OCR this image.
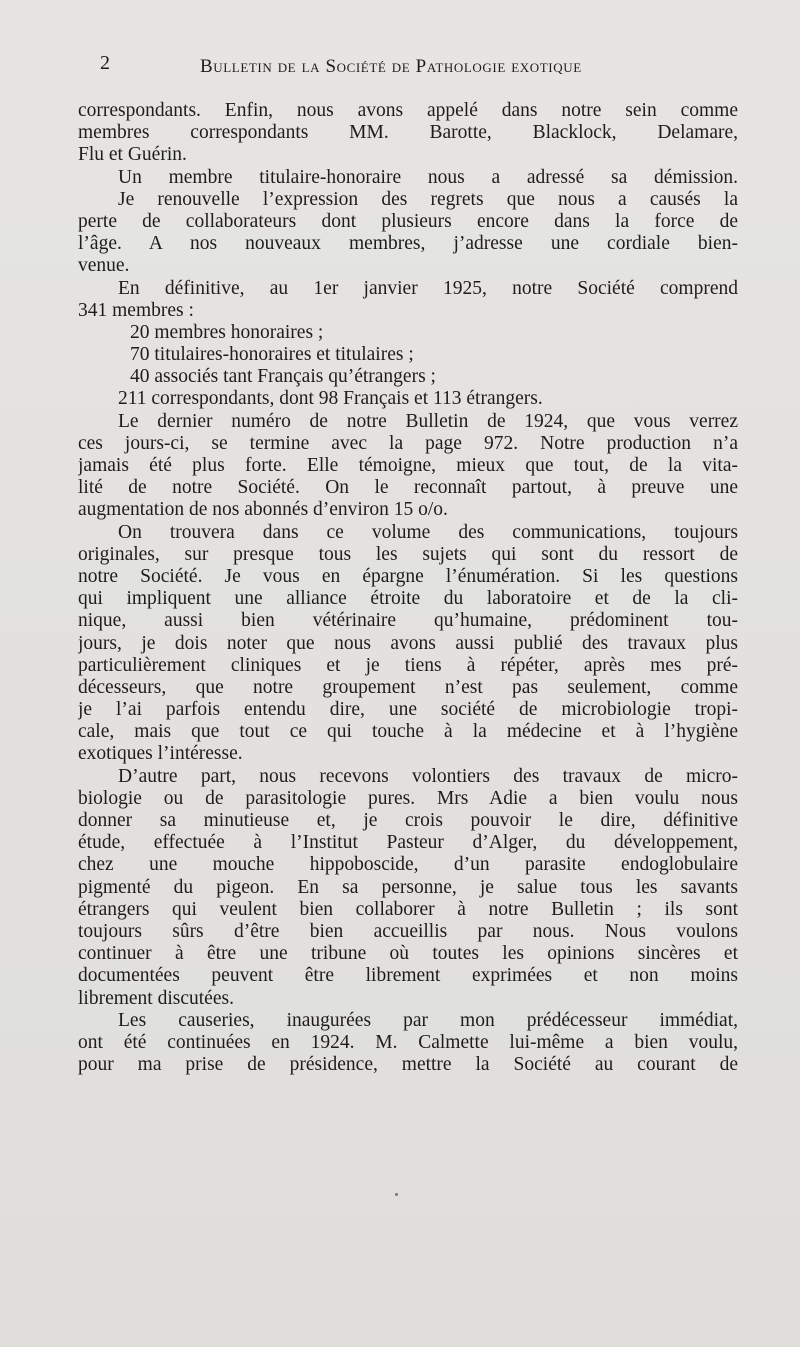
2	Bulletin de la Société de Pathologie exotique
correspondants. Enfin, nous avons appelé dans notre sein comme
membres correspondants MM. Barotte, Blacklock, Delamare,
Flu et Guérin.
Un membre titulaire-honoraire nous a adressé sa démission.
Je renouvelle l’expression des regrets que nous a causés la
perte de collaborateurs dont plusieurs encore dans la force de
l’âge. A nos nouveaux membres, j’adresse une cordiale bien-
venue.
En définitive, au 1er janvier 1925, notre Société comprend
341 membres :
20 membres honoraires ;
70 titulaires-honoraires et titulaires ;
40 associés tant Français qu’étrangers ;
211 correspondants, dont 98 Français et 113 étrangers.
Le dernier numéro de notre Bulletin de 1924, que vous verrez
ces jours-ci, se termine avec la page 972. Notre production n’a
jamais été plus forte. Elle témoigne, mieux que tout, de la vita-
lité de notre Société. On le reconnaît partout, à preuve une
augmentation de nos abonnés d’environ 15 o/o.
On trouvera dans ce volume des communications, toujours
originales, sur presque tous les sujets qui sont du ressort de
notre Société. Je vous en épargne l’énumération. Si les questions
qui impliquent une alliance étroite du laboratoire et de la cli-
nique, aussi bien vétérinaire qu’humaine, prédominent tou-
jours, je dois noter que nous avons aussi publié des travaux plus
particulièrement cliniques et je tiens à répéter, après mes pré-
décesseurs, que notre groupement n’est pas seulement, comme
je l’ai parfois entendu dire, une société de microbiologie tropi-
cale, mais que tout ce qui touche à la médecine et à l’hygiène
exotiques l’intéresse.
D’autre part, nous recevons volontiers des travaux de micro-
biologie ou de parasitologie pures. Mrs Adie a bien voulu nous
donner sa minutieuse et, je crois pouvoir le dire, définitive
étude, effectuée à l’Institut Pasteur d’Alger, du développement,
chez une mouche hippoboscide, d’un parasite endoglobulaire
pigmenté du pigeon. En sa personne, je salue tous les savants
étrangers qui veulent bien collaborer à notre Bulletin ; ils sont
toujours sûrs d’être bien accueillis par nous. Nous voulons
continuer à être une tribune où toutes les opinions sincères et
documentées peuvent être librement exprimées et non moins
librement discutées.
Les causeries, inaugurées par mon prédécesseur immédiat,
ont été continuées en 1924. M. Calmette lui-même a bien voulu,
pour ma prise de présidence, mettre la Société au courant de
